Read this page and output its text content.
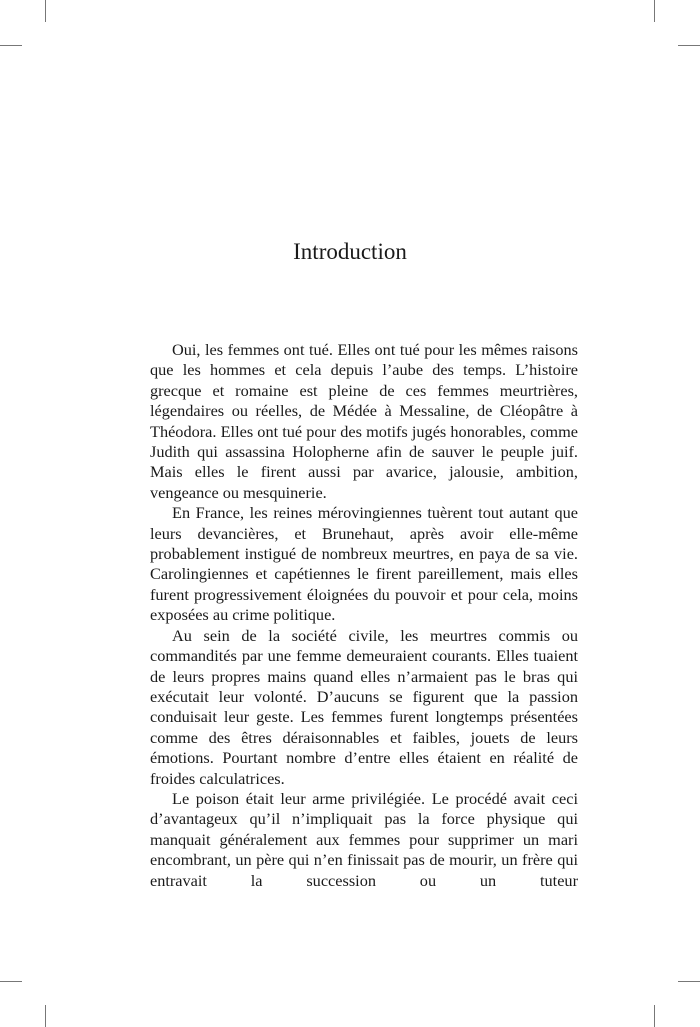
Introduction

Oui, les femmes ont tué. Elles ont tué pour les mêmes raisons que les hommes et cela depuis l’aube des temps. L’histoire grecque et romaine est pleine de ces femmes meurtrières, légendaires ou réelles, de Médée à Messaline, de Cléopâtre à Théodora. Elles ont tué pour des motifs jugés honorables, comme Judith qui assassina Holopherne afin de sauver le peuple juif. Mais elles le firent aussi par avarice, jalousie, ambition, vengeance ou mesquinerie.

En France, les reines mérovingiennes tuèrent tout autant que leurs devancières, et Brunehaut, après avoir elle-même probablement instigué de nombreux meurtres, en paya de sa vie. Carolingiennes et capétiennes le firent pareillement, mais elles furent progressivement éloignées du pouvoir et pour cela, moins exposées au crime politique.

Au sein de la société civile, les meurtres commis ou commandités par une femme demeuraient courants. Elles tuaient de leurs propres mains quand elles n’armaient pas le bras qui exécutait leur volonté. D’aucuns se figurent que la passion conduisait leur geste. Les femmes furent longtemps présentées comme des êtres déraisonnables et faibles, jouets de leurs émotions. Pourtant nombre d’entre elles étaient en réalité de froides calculatrices.

Le poison était leur arme privilégiée. Le procédé avait ceci d’avantageux qu’il n’impliquait pas la force physique qui manquait généralement aux femmes pour supprimer un mari encombrant, un père qui n’en finissait pas de mourir, un frère qui entravait la succession ou un tuteur
